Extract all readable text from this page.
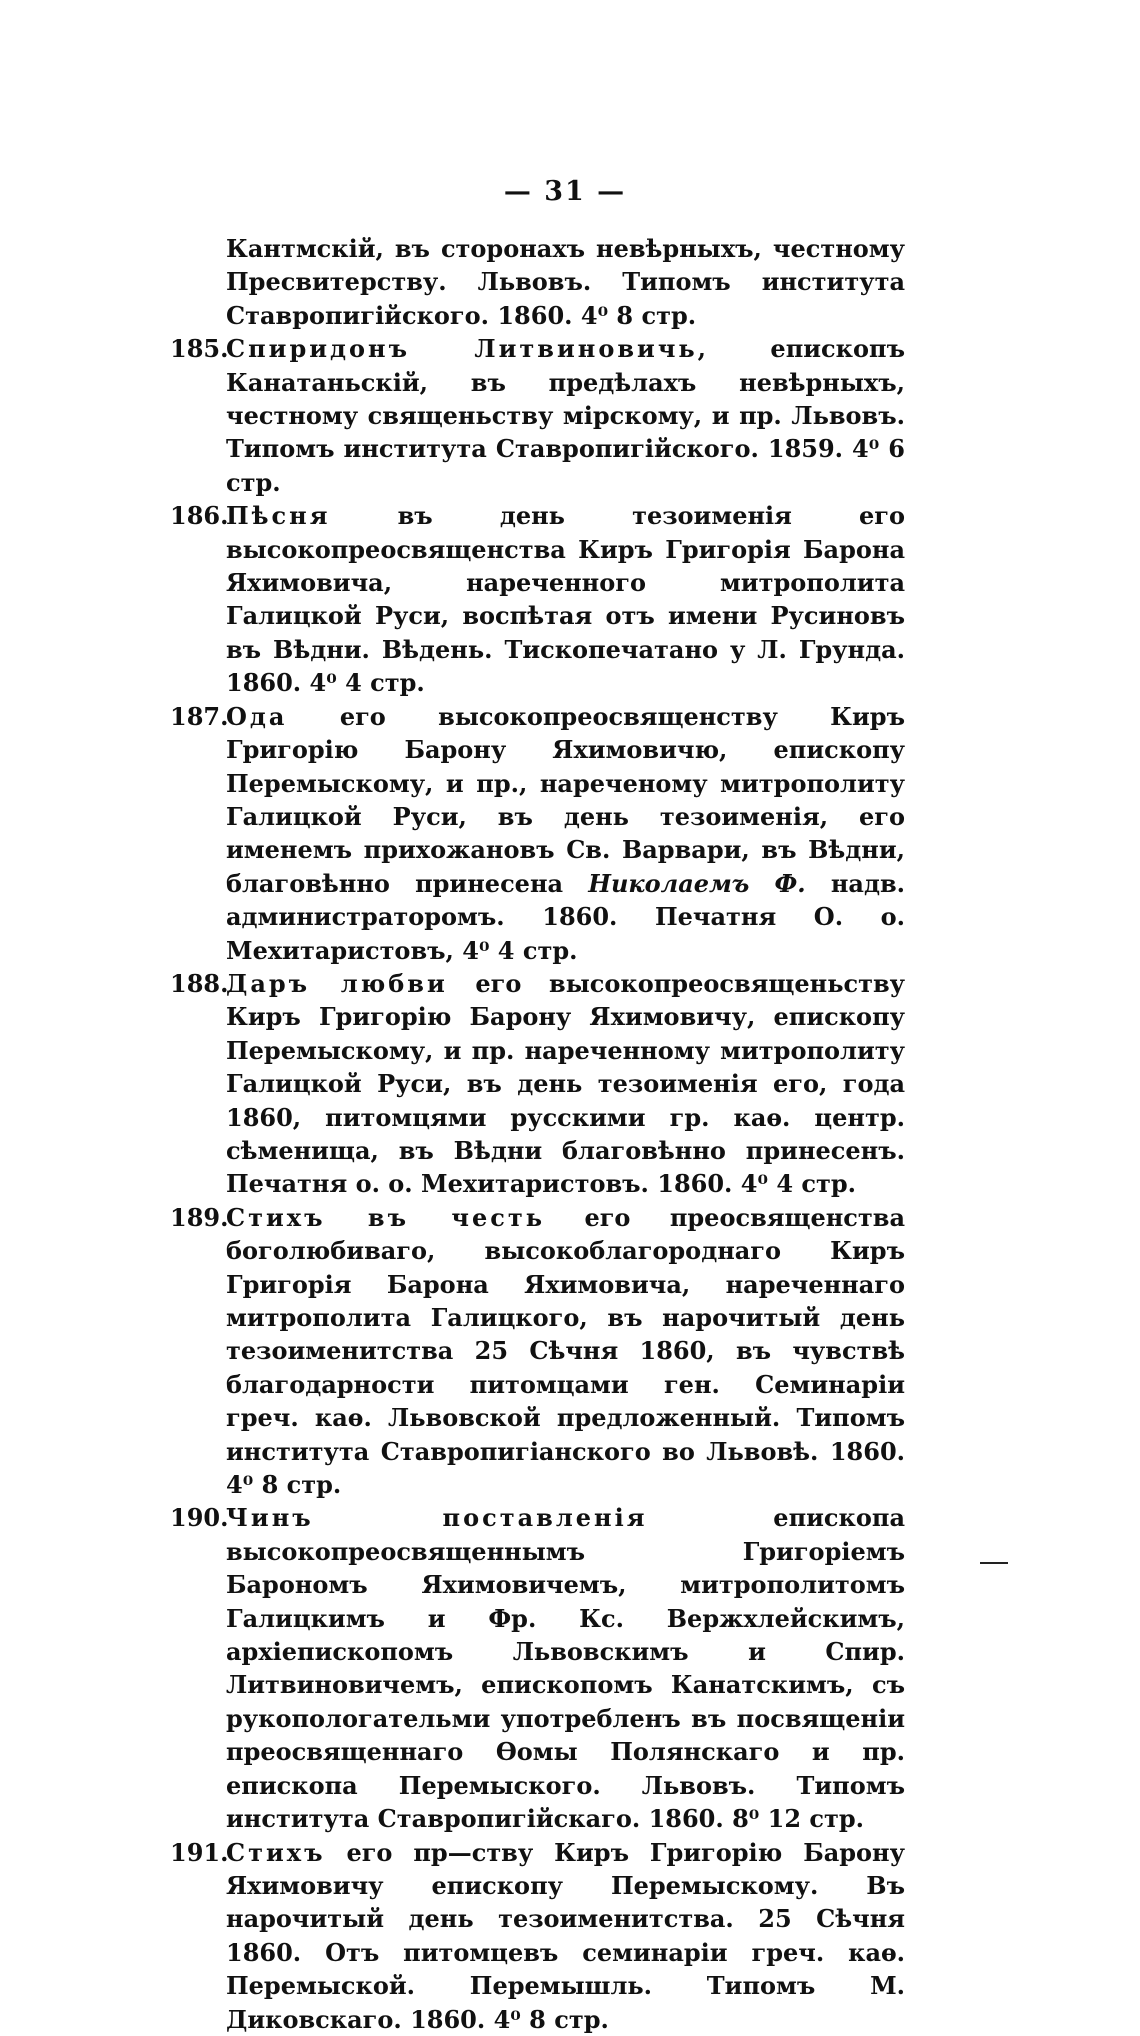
— 31 —

Кантмскій, въ сторонахъ невѣрныхъ, честному Пресвитерству. Львовъ. Типомъ института Ставропигійского. 1860. 4⁰ 8 стр.

185.
Спиридонъ Литвиновичь,	епископъ Канатаньскій, въ предѣлахъ невѣрныхъ, честному священьству мірскому, и пр. Львовъ. Типомъ института Ставропигійского. 1859. 4⁰ 6 стр.

186.
Пѣсня	въ день тезоименія его высокопреосвященства Киръ Григорія Барона Яхимовича, нареченного митрополита Галицкой Руси, воспѣтая отъ имени Русиновъ въ Вѣдни. Вѣдень. Тископечатано у Л. Грунда. 1860. 4⁰ 4 стр.

187.
Ода его высокопреосвященству Киръ Григорію Барону Яхимовичю, епископу Перемыскому, и пр., нареченому митрополиту Галицкой Руси, въ день тезоименія, его именемъ прихожановъ Св. Варвари, въ Вѣдни, благовѣнно принесена Николаемъ Ф. надв. администраторомъ. 1860. Печатня О. о. Мехитаристовъ, 4⁰ 4 стр.

188.
Даръ любви его высокопреосвященьству Киръ Григорію Барону Яхимовичу, епископу Перемыскому, и пр. нареченному митрополиту Галицкой Руси, въ день тезоименія его, года 1860, питомцями русскими гр. каѳ. центр. сѣменища, въ Вѣдни благовѣнно принесенъ. Печатня о. о. Мехитаристовъ. 1860. 4⁰ 4 стр.

189.
Стихъ въ честь его преосвященства боголюбиваго, высокоблагороднаго Киръ Григорія Барона Яхимовича, нареченнаго митрополита Галицкого, въ нарочитый день тезоименитства 25 Сѣчня 1860, въ чувствѣ благодарности питомцами ген. Семинаріи греч. каѳ. Львовской предложенный. Типомъ института Ставропигіанского во Львовѣ. 1860. 4⁰ 8 стр.

190.
Чинъ поставленія	епископа высокопреосвященнымъ Григоріемъ Барономъ Яхимовичемъ, митрополитомъ Галицкимъ и Фр. Кс. Вержхлейскимъ, архіепископомъ Львовскимъ и Спир. Литвиновичемъ, епископомъ Канатскимъ, съ рукопологательми употребленъ въ посвященіи преосвященнаго Ѳомы Полянскаго и пр. епископа Перемыского. Львовъ. Типомъ института Ставропигійскаго. 1860. 8⁰ 12 стр.

191.
Стихъ его пр—ству Киръ Григорію Барону Яхимовичу епископу Перемыскому. Въ нарочитый день тезоименитства. 25 Сѣчня 1860. Отъ питомцевъ семинаріи греч. каѳ. Перемыской. Перемышль. Типомъ М. Диковскаго. 1860. 4⁰ 8 стр.
